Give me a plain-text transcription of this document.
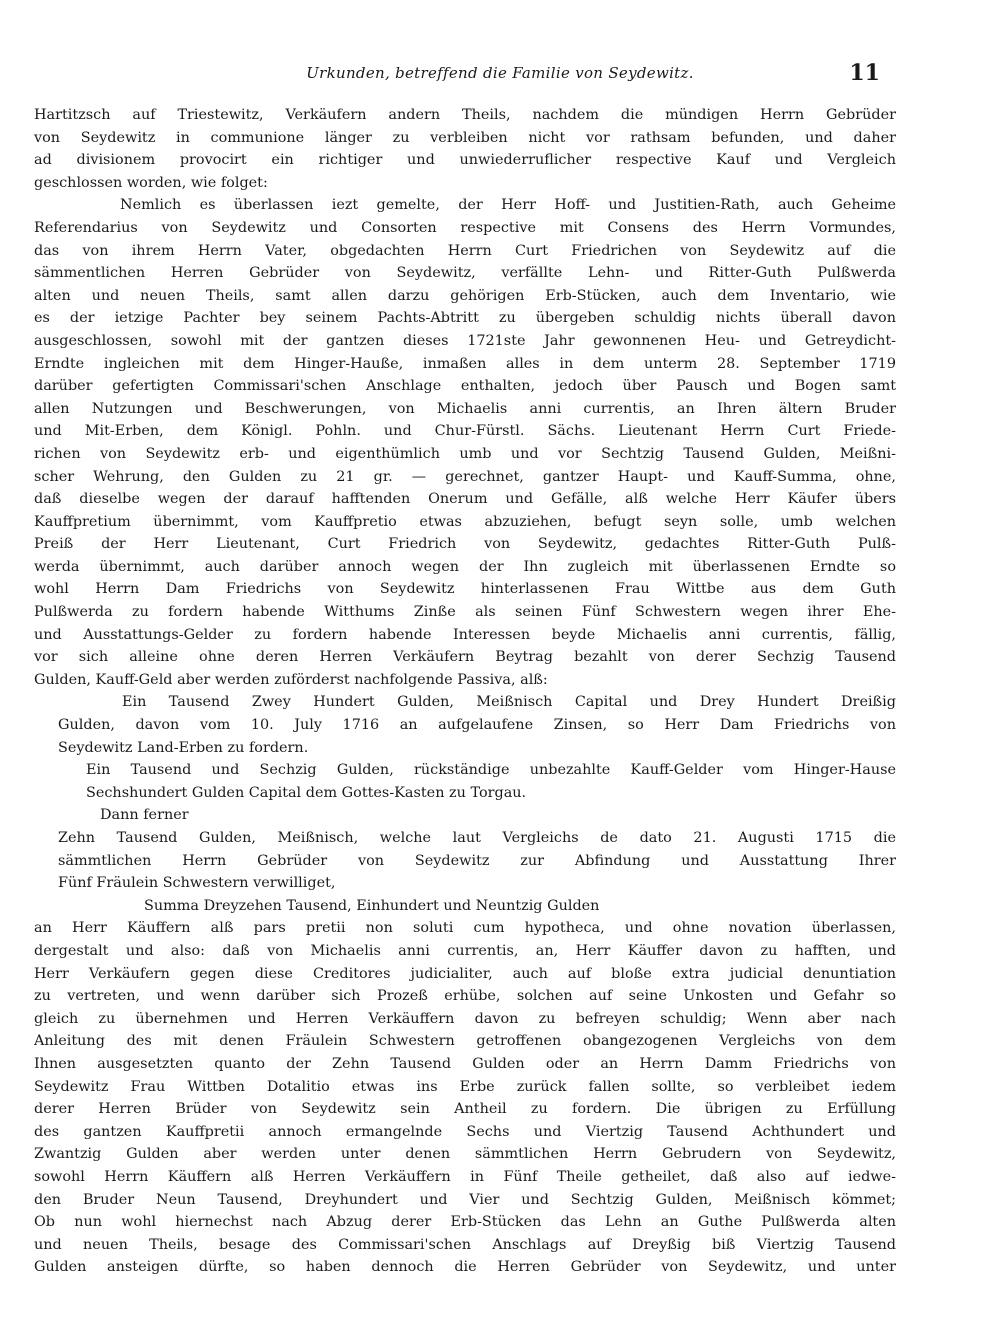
Urkunden, betreffend die Familie von Seydewitz.	11
Hartitzsch auf Triestewitz, Verkäufern andern Theils, nachdem die mündigen Herrn Gebrüder
von Seydewitz in communione länger zu verbleiben nicht vor rathsam befunden, und daher
ad divisionem provocirt ein richtiger und unwiederruflicher respective Kauf und Vergleich
geschlossen worden, wie folget:
Nemlich es überlassen iezt gemelte, der Herr Hoff- und Justitien-Rath, auch Geheime
Referendarius von Seydewitz und Consorten respective mit Consens des Herrn Vormundes,
das von ihrem Herrn Vater, obgedachten Herrn Curt Friedrichen von Seydewitz auf die
sämmentlichen Herren Gebrüder von Seydewitz, verfällte Lehn- und Ritter-Guth Pulßwerda
alten und neuen Theils, samt allen darzu gehörigen Erb-Stücken, auch dem Inventario, wie
es der ietzige Pachter bey seinem Pachts-Abtritt zu übergeben schuldig nichts überall davon
ausgeschlossen, sowohl mit der gantzen dieses 1721ste Jahr gewonnenen Heu- und Getreydicht-
Erndte ingleichen mit dem Hinger-Hauße, inmaßen alles in dem unterm 28. September 1719
darüber gefertigten Commissari'schen Anschlage enthalten, jedoch über Pausch und Bogen samt
allen Nutzungen und Beschwerungen, von Michaelis anni currentis, an Ihren ältern Bruder
und Mit-Erben, dem Königl. Pohln. und Chur-Fürstl. Sächs. Lieutenant Herrn Curt Friede-
richen von Seydewitz erb- und eigenthümlich umb und vor Sechtzig Tausend Gulden, Meißni-
scher Wehrung, den Gulden zu 21 gr. — gerechnet, gantzer Haupt- und Kauff-Summa, ohne,
daß dieselbe wegen der darauf hafftenden Onerum und Gefälle, alß welche Herr Käufer übers
Kauffpretium übernimmt, vom Kauffpretio etwas abzuziehen, befugt seyn solle, umb welchen
Preiß der Herr Lieutenant, Curt Friedrich von Seydewitz, gedachtes Ritter-Guth Pulß-
werda übernimmt, auch darüber annoch wegen der Ihn zugleich mit überlassenen Erndte so
wohl Herrn Dam Friedrichs von Seydewitz hinterlassenen Frau Wittbe aus dem Guth
Pulßwerda zu fordern habende Witthums Zinße als seinen Fünf Schwestern wegen ihrer Ehe-
und Ausstattungs-Gelder zu fordern habende Interessen beyde Michaelis anni currentis, fällig,
vor sich alleine ohne deren Herren Verkäufern Beytrag bezahlt von derer Sechzig Tausend
Gulden, Kauff-Geld aber werden zuförderst nachfolgende Passiva, alß:
Ein Tausend Zwey Hundert Gulden, Meißnisch Capital und Drey Hundert Dreißig
Gulden, davon vom 10. July 1716 an aufgelaufene Zinsen, so Herr Dam Friedrichs von
Seydewitz Land-Erben zu fordern.
Ein Tausend und Sechzig Gulden, rückständige unbezahlte Kauff-Gelder vom Hinger-Hause
Sechshundert Gulden Capital dem Gottes-Kasten zu Torgau.
Dann ferner
Zehn Tausend Gulden, Meißnisch, welche laut Vergleichs de dato 21. Augusti 1715 die
sämmtlichen Herrn Gebrüder von Seydewitz zur Abfindung und Ausstattung Ihrer
Fünf Fräulein Schwestern verwilliget,
Summa Dreyzehen Tausend, Einhundert und Neuntzig Gulden
an Herr Käuffern alß pars pretii non soluti cum hypotheca, und ohne novation überlassen,
dergestalt und also: daß von Michaelis anni currentis, an, Herr Käuffer davon zu hafften, und
Herr Verkäufern gegen diese Creditores judicialiter, auch auf bloße extra judicial denuntiation
zu vertreten, und wenn darüber sich Prozeß erhübe, solchen auf seine Unkosten und Gefahr so
gleich zu übernehmen und Herren Verkäuffern davon zu befreyen schuldig; Wenn aber nach
Anleitung des mit denen Fräulein Schwestern getroffenen obangezogenen Vergleichs von dem
Ihnen ausgesetzten quanto der Zehn Tausend Gulden oder an Herrn Damm Friedrichs von
Seydewitz Frau Wittben Dotalitio etwas ins Erbe zurück fallen sollte, so verbleibet iedem
derer Herren Brüder von Seydewitz sein Antheil zu fordern. Die übrigen zu Erfüllung
des gantzen Kauffpretii annoch ermangelnde Sechs und Viertzig Tausend Achthundert und
Zwantzig Gulden aber werden unter denen sämmtlichen Herrn Gebrudern von Seydewitz,
sowohl Herrn Käuffern alß Herren Verkäuffern in Fünf Theile getheilet, daß also auf iedwe-
den Bruder Neun Tausend, Dreyhundert und Vier und Sechtzig Gulden, Meißnisch kömmet;
Ob nun wohl hiernechst nach Abzug derer Erb-Stücken das Lehn an Guthe Pulßwerda alten
und neuen Theils, besage des Commissari'schen Anschlags auf Dreyßig biß Viertzig Tausend
Gulden ansteigen dürfte, so haben dennoch die Herren Gebrüder von Seydewitz, und unter
